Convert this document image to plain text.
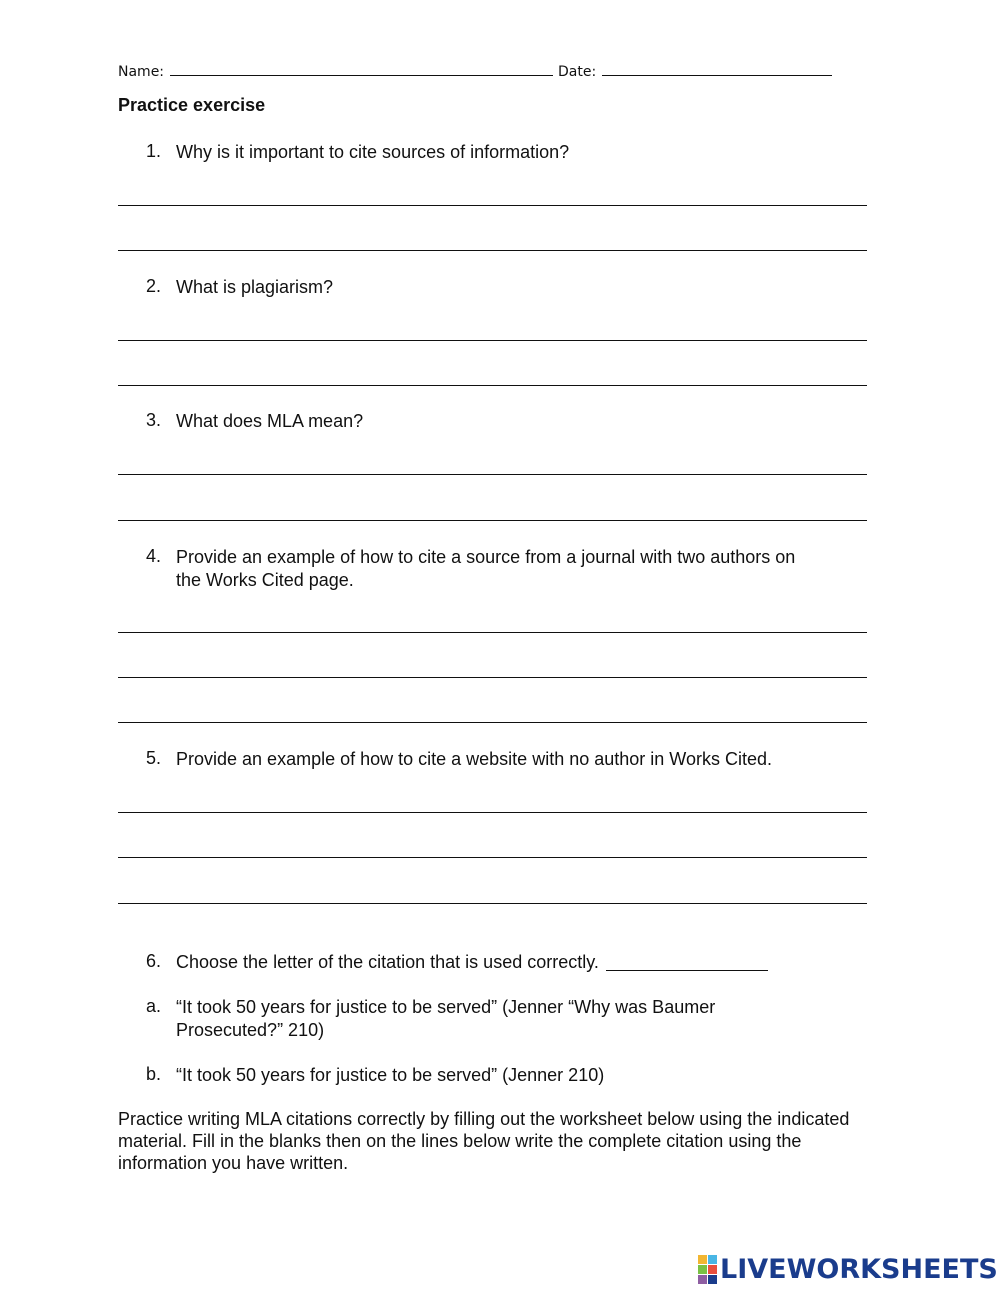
Name:	Date:
Practice exercise
1. Why is it important to cite sources of information?
2. What is plagiarism?
3. What does MLA mean?
4. Provide an example of how to cite a source from a journal with two authors on
the Works Cited page.
5. Provide an example of how to cite a website with no author in Works Cited.
6. Choose the letter of the citation that is used correctly.
a. “It took 50 years for justice to be served” (Jenner “Why was Baumer
Prosecuted?” 210)
b. “It took 50 years for justice to be served” (Jenner 210)
Practice writing MLA citations correctly by filling out the worksheet below using the indicated material. Fill in the blanks then on the lines below write the complete citation using the information you have written.
LIVEWORKSHEETS
